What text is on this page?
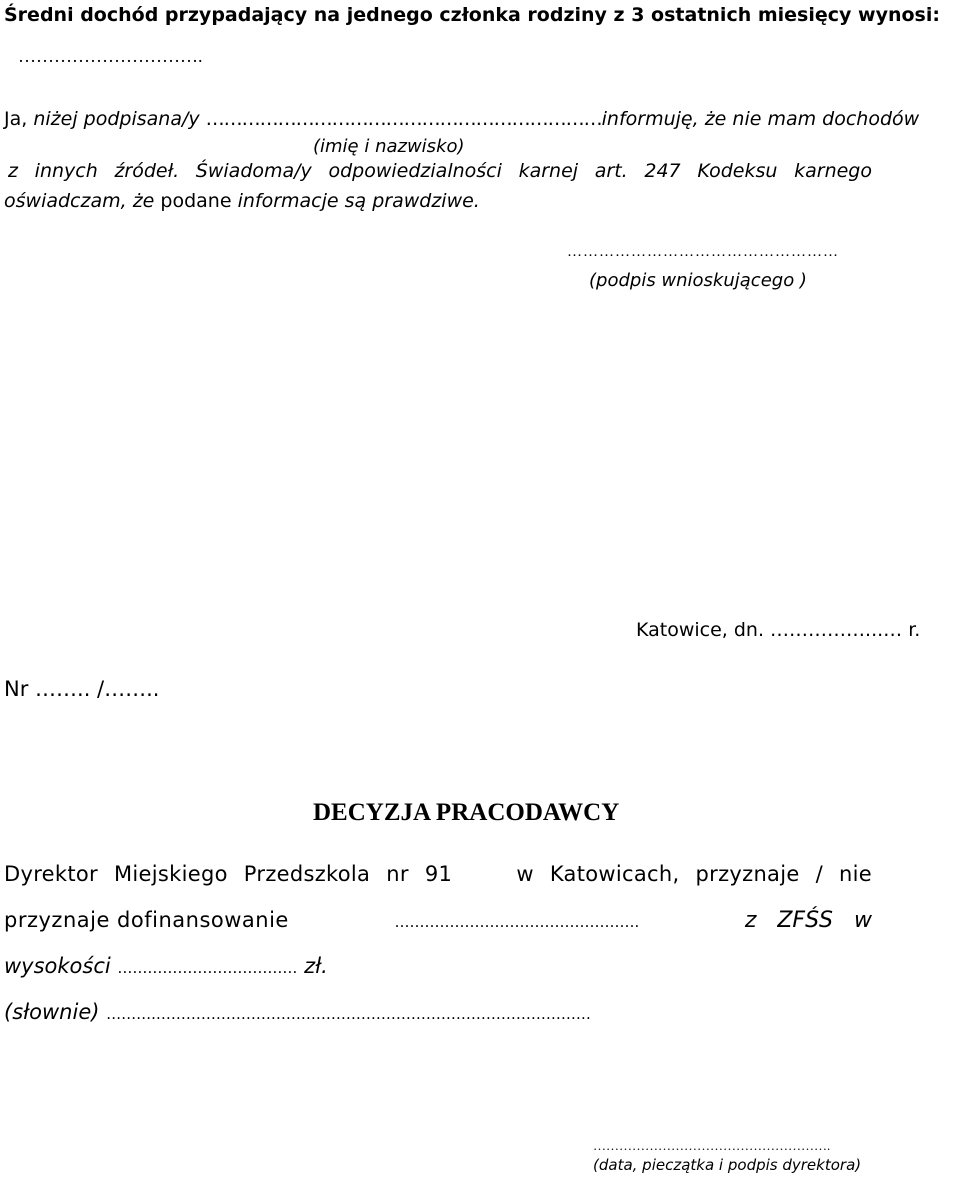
Średni dochód przypadający na jednego członka rodziny z 3 ostatnich miesięcy wynosi:
………………………….
Ja, niżej podpisana/y …………………………………………………………informuję, że nie mam dochodów
(imię i nazwisko)
z innych źródeł. Świadoma/y odpowiedzialności karnej art. 247 Kodeksu karnego
oświadczam, że podane informacje są prawdziwe.
……………………………………………
(podpis wnioskującego )
Katowice, dn. ……………...… r.
Nr …….. /……..
DECYZJA PRACODAWCY
Dyrektor Miejskiego Przedszkola nr 91    w Katowicach, przyznaje / nie
przyznaje dofinansowanie	………………………………………….	z ZFŚS w
wysokości ……………………………… zł.
(słownie) ……….……………………………………………………………………………
……………………………………………….
(data, pieczątka i podpis dyrektora)
